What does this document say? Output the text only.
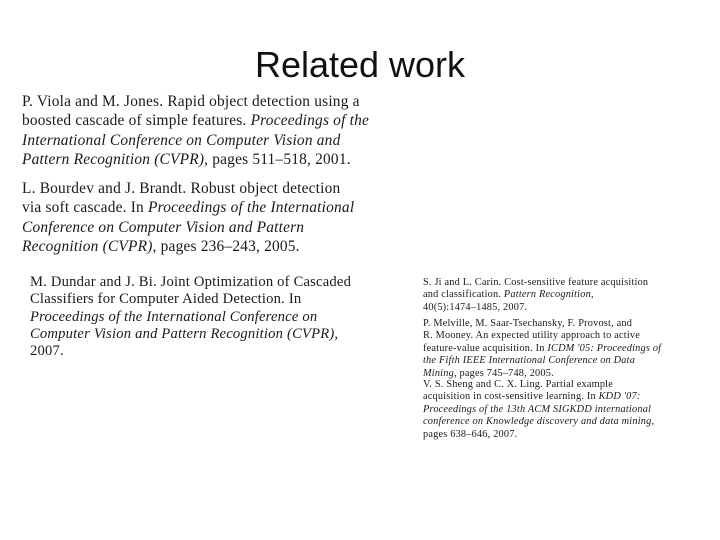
Related work
P. Viola and M. Jones. Rapid object detection using a
boosted cascade of simple features. Proceedings of the
International Conference on Computer Vision and
Pattern Recognition (CVPR), pages 511–518, 2001.
L. Bourdev and J. Brandt. Robust object detection
via soft cascade. In Proceedings of the International
Conference on Computer Vision and Pattern
Recognition (CVPR), pages 236–243, 2005.
M. Dundar and J. Bi. Joint Optimization of Cascaded
Classifiers for Computer Aided Detection. In
Proceedings of the International Conference on
Computer Vision and Pattern Recognition (CVPR),
2007.
S. Ji and L. Carin. Cost-sensitive feature acquisition
and classification. Pattern Recognition,
40(5):1474–1485, 2007.
P. Melville, M. Saar-Tsechansky, F. Provost, and
R. Mooney. An expected utility approach to active
feature-value acquisition. In ICDM '05: Proceedings of
the Fifth IEEE International Conference on Data
Mining, pages 745–748, 2005.
V. S. Sheng and C. X. Ling. Partial example
acquisition in cost-sensitive learning. In KDD '07:
Proceedings of the 13th ACM SIGKDD international
conference on Knowledge discovery and data mining,
pages 638–646, 2007.
